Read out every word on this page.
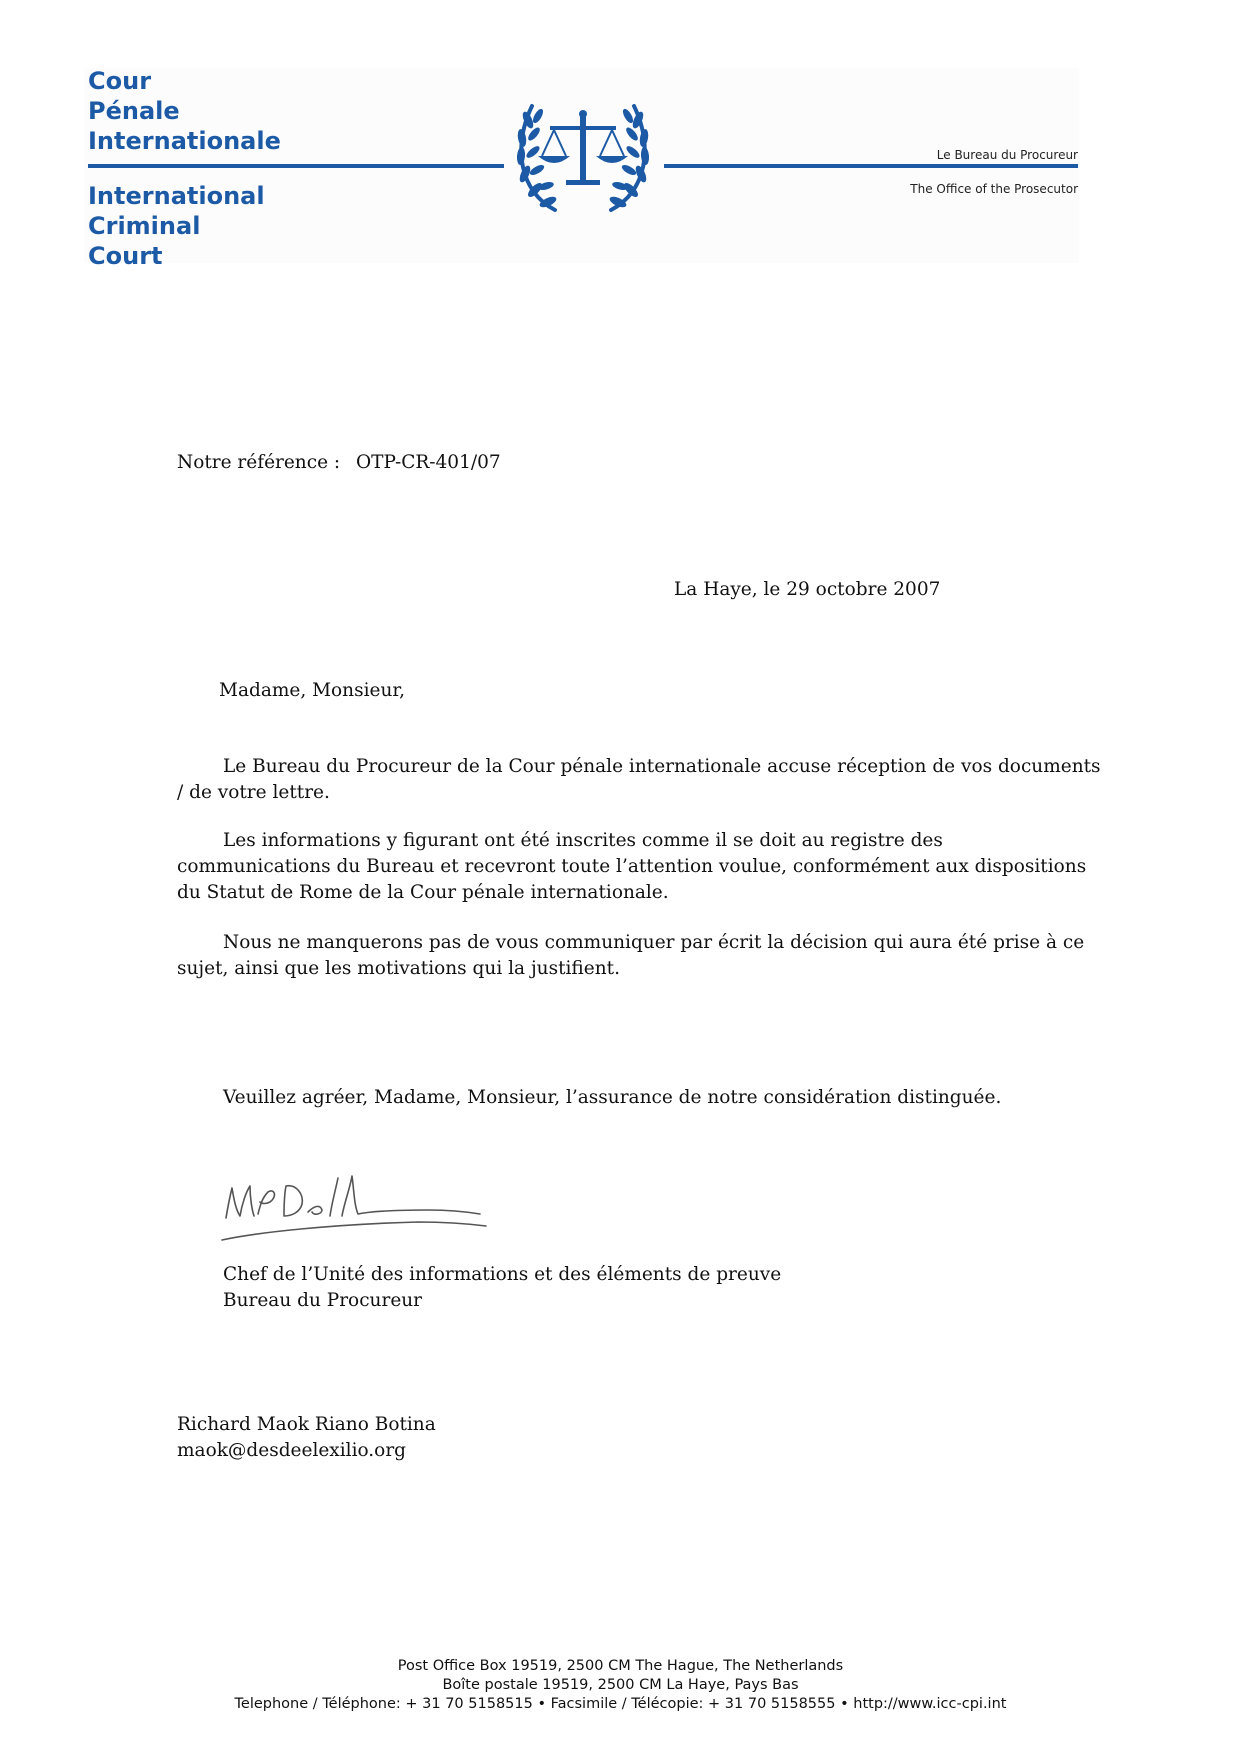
Cour
Pénale
Internationale	Le Bureau du Procureur
The Office of the Prosecutor
International
Criminal
Court

Notre référence : OTP-CR-401/07

La Haye, le 29 octobre 2007

Madame, Monsieur,

Le Bureau du Procureur de la Cour pénale internationale accuse réception de vos documents / de votre lettre.

Les informations y figurant ont été inscrites comme il se doit au registre des communications du Bureau et recevront toute l’attention voulue, conformément aux dispositions du Statut de Rome de la Cour pénale internationale.

Nous ne manquerons pas de vous communiquer par écrit la décision qui aura été prise à ce sujet, ainsi que les motivations qui la justifient.

Veuillez agréer, Madame, Monsieur, l’assurance de notre considération distinguée.

Chef de l’Unité des informations et des éléments de preuve
Bureau du Procureur

Richard Maok Riano Botina
maok@desdeelexilio.org

Post Office Box 19519, 2500 CM The Hague, The Netherlands
Boîte postale 19519, 2500 CM La Haye, Pays Bas
Telephone / Téléphone: + 31 70 5158515 • Facsimile / Télécopie: + 31 70 5158555 • http://www.icc-cpi.int
